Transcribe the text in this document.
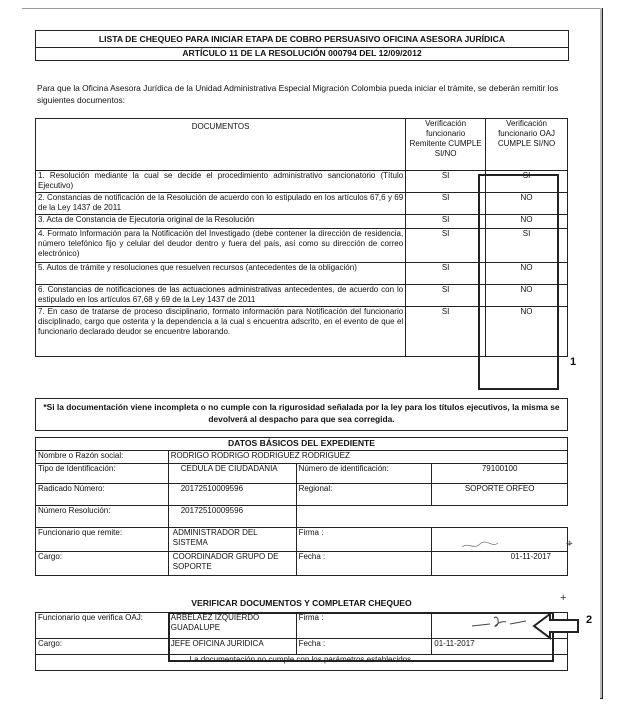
LISTA DE CHEQUEO PARA INICIAR ETAPA DE COBRO PERSUASIVO OFICINA ASESORA JURÍDICA
ARTÍCULO 11 DE LA RESOLUCIÓN 000794 DEL 12/09/2012
Para que la Oficina Asesora Jurídica de la Unidad Administrativa Especial Migración Colombia pueda iniciar el trámite, se deberán remitir los siguientes documentos:
DOCUMENTOS	Verificación funcionario Remitente CUMPLE SI/NO	Verificación funcionario OAJ CUMPLE SI/NO
1. Resolución mediante la cual se decide el procedimiento administrativo sancionatorio (Título Ejecutivo)	SI	SI
2. Constancias de notificación de la Resolución de acuerdo con lo estipulado en los artículos 67,6 y 69 de la Ley 1437 de 2011	SI	NO
3. Acta de Constancia de Ejecutoria original de la Resolución	SI	NO
4. Formato Información para la Notificación del Investigado (debe contener la dirección de residencia, número telefónico fijo y celular del deudor dentro y fuera del país, así como su dirección de correo electrónico)	SI	SI
5. Autos de trámite y resoluciones que resuelven recursos (antecedentes de la obligación)	SI	NO
6. Constancias de notificaciones de las actuaciones administrativas antecedentes, de acuerdo con lo estipulado en los artículos 67,68 y 69 de la Ley 1437 de 2011	SI	NO
7. En caso de tratarse de proceso disciplinario, formato información para Notificación del funcionario disciplinado, cargo que ostenta y la dependencia a la cual s encuentra adscrito, en el evento de que el funcionario declarado deudor se encuentre laborando.	SI	NO
1
*Si la documentación viene incompleta o no cumple con la rigurosidad señalada por la ley para los títulos ejecutivos, la misma se devolverá al despacho para que sea corregida.
DATOS BÁSICOS DEL EXPEDIENTE			
Nombre o Razón social:	RODRIGO RODRIGO RODRIGUEZ RODRIGUEZ		
Tipo de Identificación:	CEDULA DE CIUDADANIA	Número de identificación:	79100100
Radicado Número:	20172510009596	Regional:	SOPORTE ORFEO
Número Resolución:	20172510009596		
Funcionario que remite:	ADMINISTRADOR DEL SISTEMA	Firma :	
Cargo:	COORDINADOR GRUPO DE SOPORTE	Fecha :	01-11-2017
⌖
VERIFICAR DOCUMENTOS Y COMPLETAR CHEQUEO	+
Funcionario que verifica OAJ:	ARBELAEZ IZQUIERDO GUADALUPE	Firma :	
Cargo:	JEFE OFICINA JURIDICA	Fecha :	01-11-2017
La documentación no cumple con los parámetros establecidos.			
2
